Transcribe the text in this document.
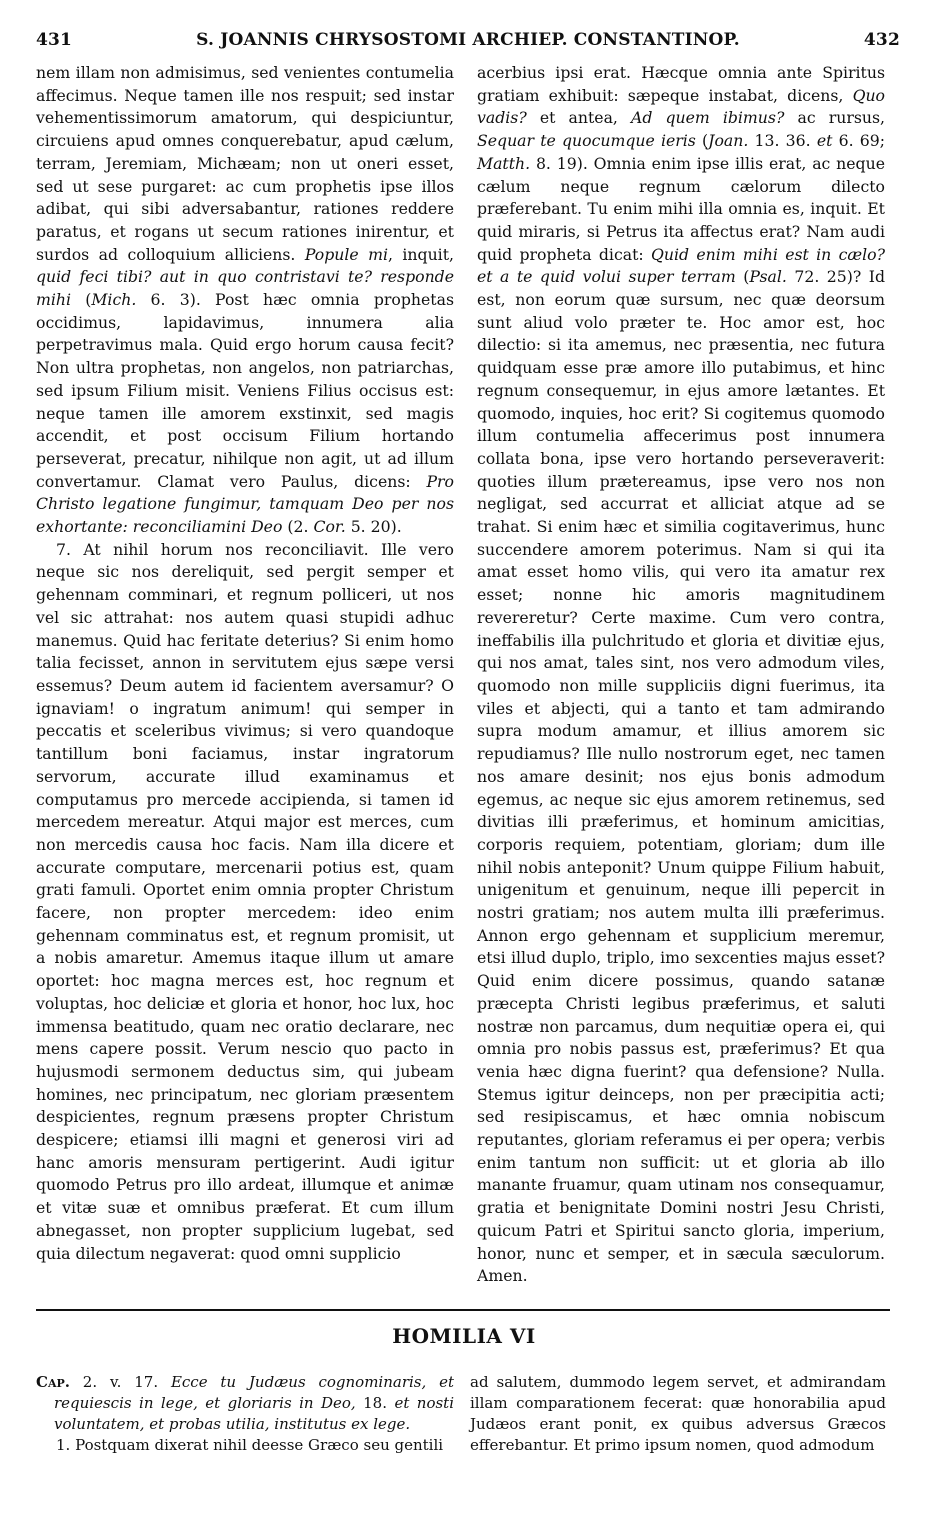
431	S. JOANNIS CHRYSOSTOMI ARCHIEP. CONSTANTINOP.	432

nem illam non admisimus, sed venientes contumelia affecimus. Neque tamen ille nos respuit; sed instar vehementissimorum amatorum, qui despiciuntur, circuiens apud omnes conquerebatur, apud cælum, terram, Jeremiam, Michæam; non ut oneri esset, sed ut sese purgaret: ac cum prophetis ipse illos adibat, qui sibi adversabantur, rationes reddere paratus, et rogans ut secum rationes inirentur, et surdos ad colloquium alliciens. Popule mi, inquit, quid feci tibi? aut in quo contristavi te? responde mihi (Mich. 6. 3). Post hæc omnia prophetas occidimus, lapidavimus, innumera alia perpetravimus mala. Quid ergo horum causa fecit? Non ultra prophetas, non angelos, non patriarchas, sed ipsum Filium misit. Veniens Filius occisus est: neque tamen ille amorem exstinxit, sed magis accendit, et post occisum Filium hortando perseverat, precatur, nihilque non agit, ut ad illum convertamur. Clamat vero Paulus, dicens: Pro Christo legatione fungimur, tamquam Deo per nos exhortante: reconciliamini Deo (2. Cor. 5. 20).

7. At nihil horum nos reconciliavit. Ille vero neque sic nos dereliquit, sed pergit semper et gehennam comminari, et regnum polliceri, ut nos vel sic attrahat: nos autem quasi stupidi adhuc manemus. Quid hac feritate deterius? Si enim homo talia fecisset, annon in servitutem ejus sæpe versi essemus? Deum autem id facientem aversamur? O ignaviam! o ingratum animum! qui semper in peccatis et sceleribus vivimus; si vero quandoque tantillum boni faciamus, instar ingratorum servorum, accurate illud examinamus et computamus pro mercede accipienda, si tamen id mercedem mereatur. Atqui major est merces, cum non mercedis causa hoc facis. Nam illa dicere et accurate computare, mercenarii potius est, quam grati famuli. Oportet enim omnia propter Christum facere, non propter mercedem: ideo enim gehennam comminatus est, et regnum promisit, ut a nobis amaretur. Amemus itaque illum ut amare oportet: hoc magna merces est, hoc regnum et voluptas, hoc deliciæ et gloria et honor, hoc lux, hoc immensa beatitudo, quam nec oratio declarare, nec mens capere possit. Verum nescio quo pacto in hujusmodi sermonem deductus sim, qui jubeam homines, nec principatum, nec gloriam præsentem despicientes, regnum præsens propter Christum despicere; etiamsi illi magni et generosi viri ad hanc amoris mensuram pertigerint. Audi igitur quomodo Petrus pro illo ardeat, illumque et animæ et vitæ suæ et omnibus præferat. Et cum illum abnegasset, non propter supplicium lugebat, sed quia dilectum negaverat: quod omni supplicio

acerbius ipsi erat. Hæcque omnia ante Spiritus gratiam exhibuit: sæpeque instabat, dicens, Quo vadis? et antea, Ad quem ibimus? ac rursus, Sequar te quocumque ieris (Joan. 13. 36. et 6. 69; Matth. 8. 19). Omnia enim ipse illis erat, ac neque cælum neque regnum cælorum dilecto præferebant. Tu enim mihi illa omnia es, inquit. Et quid miraris, si Petrus ita affectus erat? Nam audi quid propheta dicat: Quid enim mihi est in cælo? et a te quid volui super terram (Psal. 72. 25)? Id est, non eorum quæ sursum, nec quæ deorsum sunt aliud volo præter te. Hoc amor est, hoc dilectio: si ita amemus, nec præsentia, nec futura quidquam esse præ amore illo putabimus, et hinc regnum consequemur, in ejus amore lætantes. Et quomodo, inquies, hoc erit? Si cogitemus quomodo illum contumelia affecerimus post innumera collata bona, ipse vero hortando perseveraverit: quoties illum prætereamus, ipse vero nos non negligat, sed accurrat et alliciat atque ad se trahat. Si enim hæc et similia cogitaverimus, hunc succendere amorem poterimus. Nam si qui ita amat esset homo vilis, qui vero ita amatur rex esset; nonne hic amoris magnitudinem revereretur? Certe maxime. Cum vero contra, ineffabilis illa pulchritudo et gloria et divitiæ ejus, qui nos amat, tales sint, nos vero admodum viles, quomodo non mille suppliciis digni fuerimus, ita viles et abjecti, qui a tanto et tam admirando supra modum amamur, et illius amorem sic repudiamus? Ille nullo nostrorum eget, nec tamen nos amare desinit; nos ejus bonis admodum egemus, ac neque sic ejus amorem retinemus, sed divitias illi præferimus, et hominum amicitias, corporis requiem, potentiam, gloriam; dum ille nihil nobis anteponit? Unum quippe Filium habuit, unigenitum et genuinum, neque illi pepercit in nostri gratiam; nos autem multa illi præferimus. Annon ergo gehennam et supplicium meremur, etsi illud duplo, triplo, imo sexcenties majus esset? Quid enim dicere possimus, quando satanæ præcepta Christi legibus præferimus, et saluti nostræ non parcamus, dum nequitiæ opera ei, qui omnia pro nobis passus est, præferimus? Et qua venia hæc digna fuerint? qua defensione? Nulla. Stemus igitur deinceps, non per præcipitia acti; sed resipiscamus, et hæc omnia nobiscum reputantes, gloriam referamus ei per opera; verbis enim tantum non sufficit: ut et gloria ab illo manante fruamur, quam utinam nos consequamur, gratia et benignitate Domini nostri Jesu Christi, quicum Patri et Spiritui sancto gloria, imperium, honor, nunc et semper, et in sæcula sæculorum. Amen.

HOMILIA VI

Cap. 2. v. 17. Ecce tu Judæus cognominaris, et requiescis in lege, et gloriaris in Deo, 18. et nosti voluntatem, et probas utilia, institutus ex lege.

1. Postquam dixerat nihil deesse Græco seu gentili

ad salutem, dummodo legem servet, et admirandam illam comparationem fecerat: quæ honorabilia apud Judæos erant ponit, ex quibus adversus Græcos efferebantur. Et primo ipsum nomen, quod admodum
